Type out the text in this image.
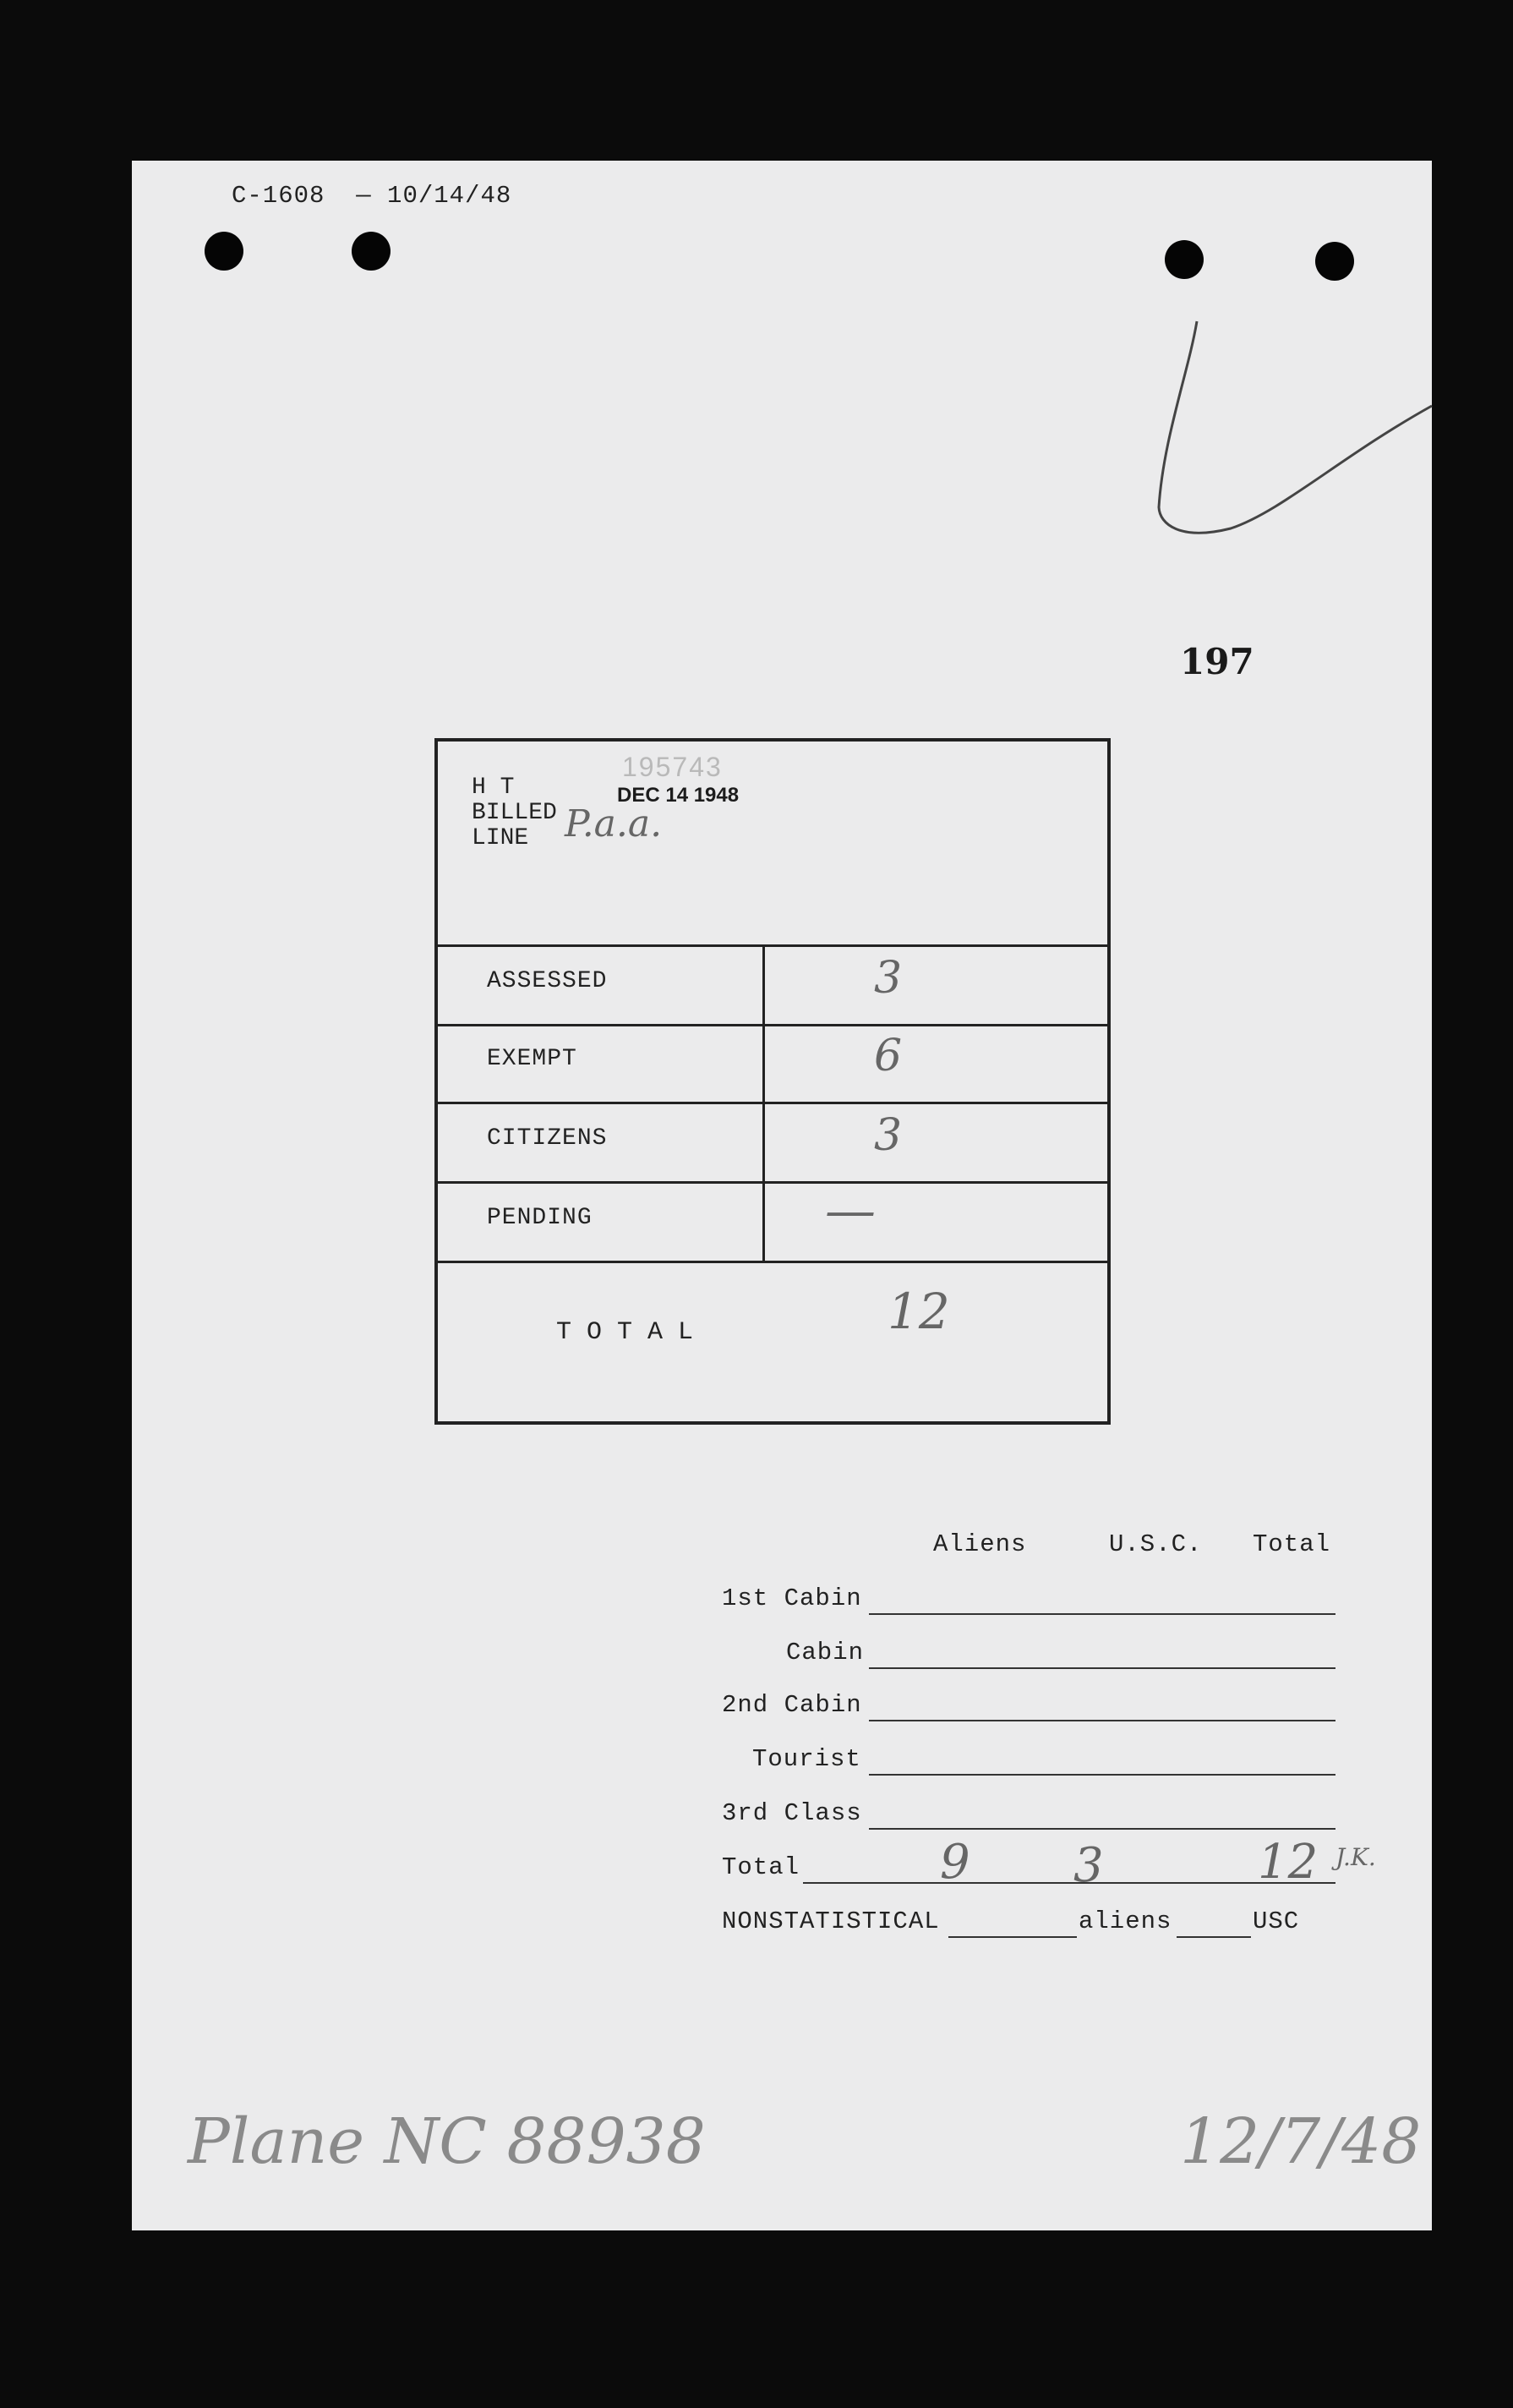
C-1608  — 10/14/48
197
H T
BILLED
LINE P.a.a.
195743
DEC 14 1948
ASSESSED	3
EXEMPT	6
CITIZENS	3
PENDING	—
T O T A L	12
Aliens	U.S.C. Total
1st Cabin
Cabin
2nd Cabin
Tourist
3rd Class
Total	9 3	12 J.K.
NONSTATISTICAL	aliens	USC
Plane NC 88938	12/7/48
